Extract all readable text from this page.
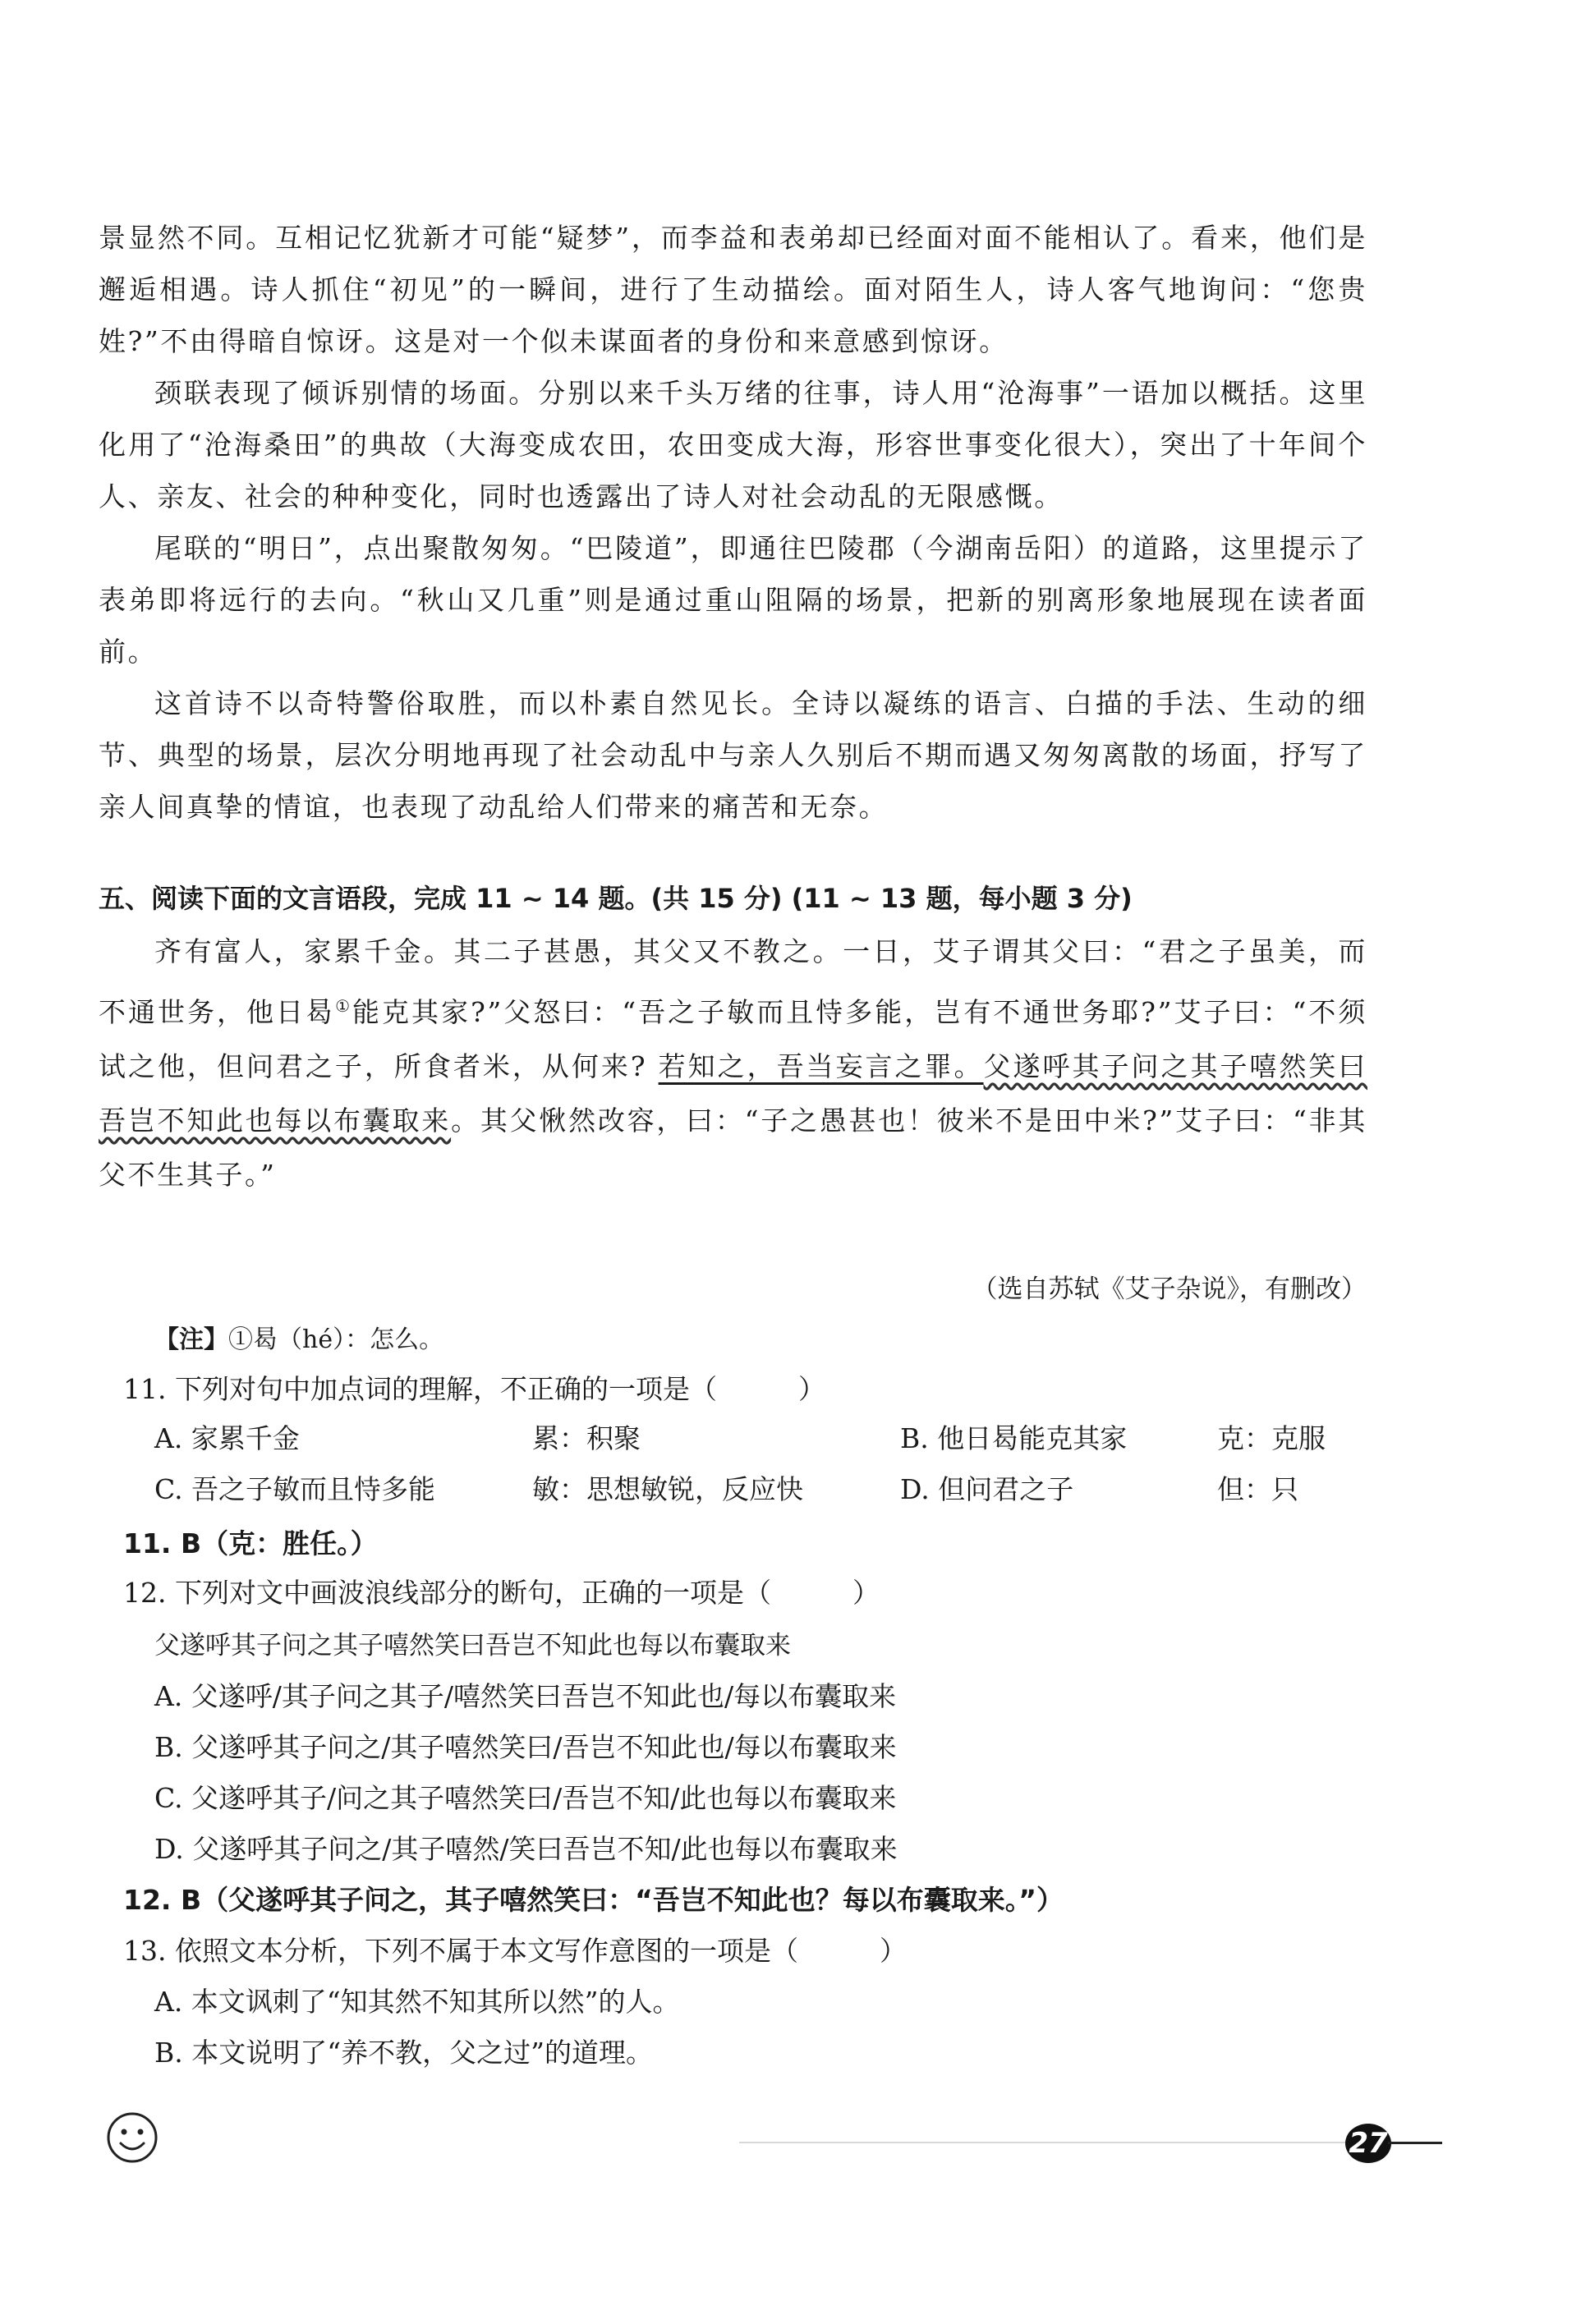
景显然不同。互相记忆犹新才可能“疑梦”，而李益和表弟却已经面对面不能相认了。看来，他们是邂逅相遇。诗人抓住“初见”的一瞬间，进行了生动描绘。面对陌生人，诗人客气地询问：“您贵姓?”不由得暗自惊讶。这是对一个似未谋面者的身份和来意感到惊讶。

颈联表现了倾诉别情的场面。分别以来千头万绪的往事，诗人用“沧海事”一语加以概括。这里化用了“沧海桑田”的典故（大海变成农田，农田变成大海，形容世事变化很大），突出了十年间个人、亲友、社会的种种变化，同时也透露出了诗人对社会动乱的无限感慨。

尾联的“明日”，点出聚散匆匆。“巴陵道”，即通往巴陵郡（今湖南岳阳）的道路，这里提示了表弟即将远行的去向。“秋山又几重”则是通过重山阻隔的场景，把新的别离形象地展现在读者面前。

这首诗不以奇特警俗取胜，而以朴素自然见长。全诗以凝练的语言、白描的手法、生动的细节、典型的场景，层次分明地再现了社会动乱中与亲人久别后不期而遇又匆匆离散的场面，抒写了亲人间真挚的情谊，也表现了动乱给人们带来的痛苦和无奈。

五、阅读下面的文言语段，完成 11 ~ 14 题。(共 15 分) (11 ~ 13 题，每小题 3 分)

齐有富人，家累千金。其二子甚愚，其父又不教之。一日，艾子谓其父曰：“君之子虽美，而不通世务，他日曷①能克其家?”父怒曰：“吾之子敏而且恃多能，岂有不通世务耶?”艾子曰：“不须试之他，但问君之子，所食者米，从何来? 若知之，吾当妄言之罪。父遂呼其子问之其子嘻然笑曰吾岂不知此也每以布囊取来。其父愀然改容，曰：“子之愚甚也！彼米不是田中米?”艾子曰：“非其父不生其子。”

（选自苏轼《艾子杂说》，有删改）
【注】①曷（hé）：怎么。
11. 下列对句中加点词的理解，不正确的一项是（　　　）
A. 家累千金	累：积聚	B. 他日曷能克其家	克：克服
C. 吾之子敏而且恃多能	敏：思想敏锐，反应快	D. 但问君之子	但：只
11. B（克：胜任。）
12. 下列对文中画波浪线部分的断句，正确的一项是（　　　）
父遂呼其子问之其子嘻然笑曰吾岂不知此也每以布囊取来
A. 父遂呼/其子问之其子/嘻然笑曰吾岂不知此也/每以布囊取来
B. 父遂呼其子问之/其子嘻然笑曰/吾岂不知此也/每以布囊取来
C. 父遂呼其子/问之其子嘻然笑曰/吾岂不知/此也每以布囊取来
D. 父遂呼其子问之/其子嘻然/笑曰吾岂不知/此也每以布囊取来
12. B（父遂呼其子问之，其子嘻然笑曰：“吾岂不知此也？每以布囊取来。”）
13. 依照文本分析，下列不属于本文写作意图的一项是（　　　）
A. 本文讽刺了“知其然不知其所以然”的人。
B. 本文说明了“养不教，父之过”的道理。
27
